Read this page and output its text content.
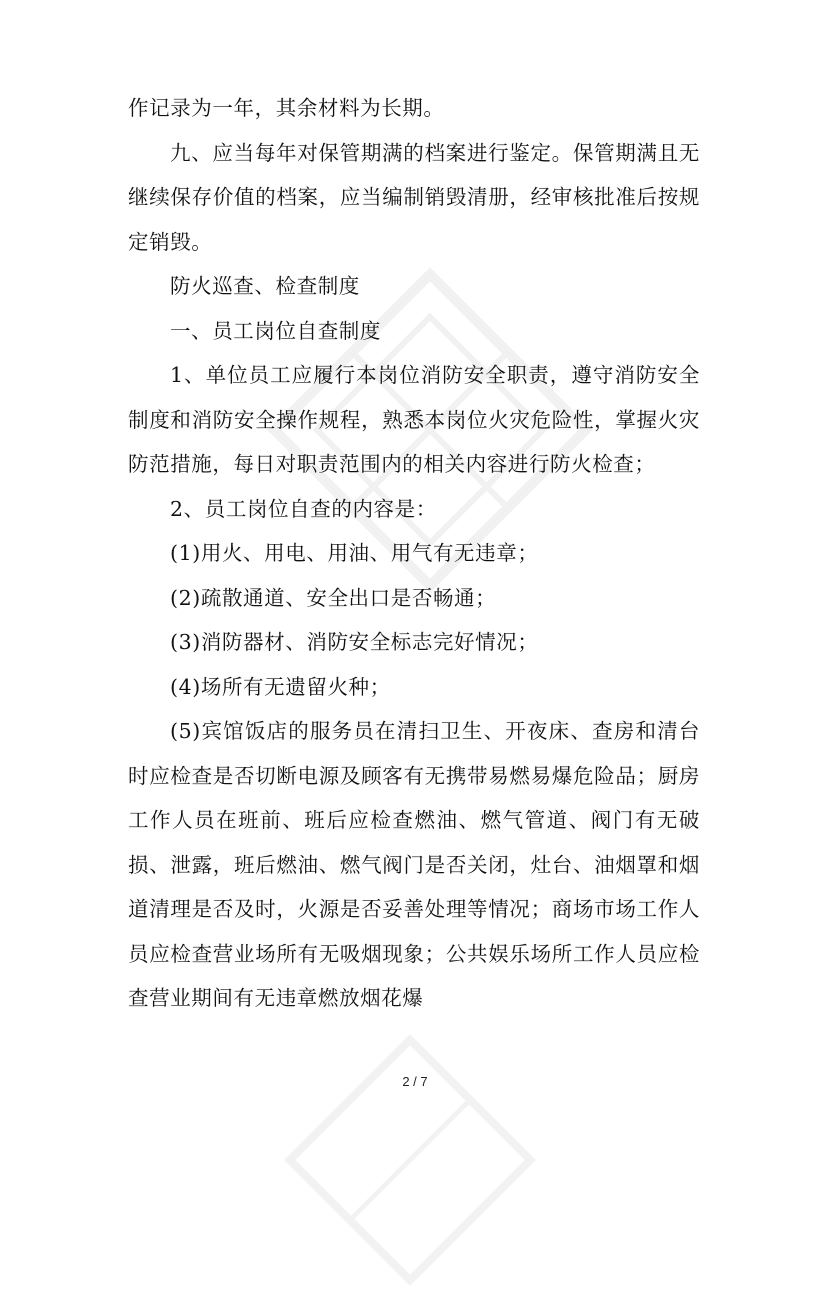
作记录为一年，其余材料为长期。

九、应当每年对保管期满的档案进行鉴定。保管期满且无继续保存价值的档案，应当编制销毁清册，经审核批准后按规定销毁。

防火巡查、检查制度

一、员工岗位自查制度

1、单位员工应履行本岗位消防安全职责，遵守消防安全制度和消防安全操作规程，熟悉本岗位火灾危险性，掌握火灾防范措施，每日对职责范围内的相关内容进行防火检查；

2、员工岗位自查的内容是：

(1)用火、用电、用油、用气有无违章；

(2)疏散通道、安全出口是否畅通；

(3)消防器材、消防安全标志完好情况；

(4)场所有无遗留火种；

(5)宾馆饭店的服务员在清扫卫生、开夜床、查房和清台时应检查是否切断电源及顾客有无携带易燃易爆危险品；厨房工作人员在班前、班后应检查燃油、燃气管道、阀门有无破损、泄露，班后燃油、燃气阀门是否关闭，灶台、油烟罩和烟道清理是否及时，火源是否妥善处理等情况；商场市场工作人员应检查营业场所有无吸烟现象；公共娱乐场所工作人员应检查营业期间有无违章燃放烟花爆

2 / 7
